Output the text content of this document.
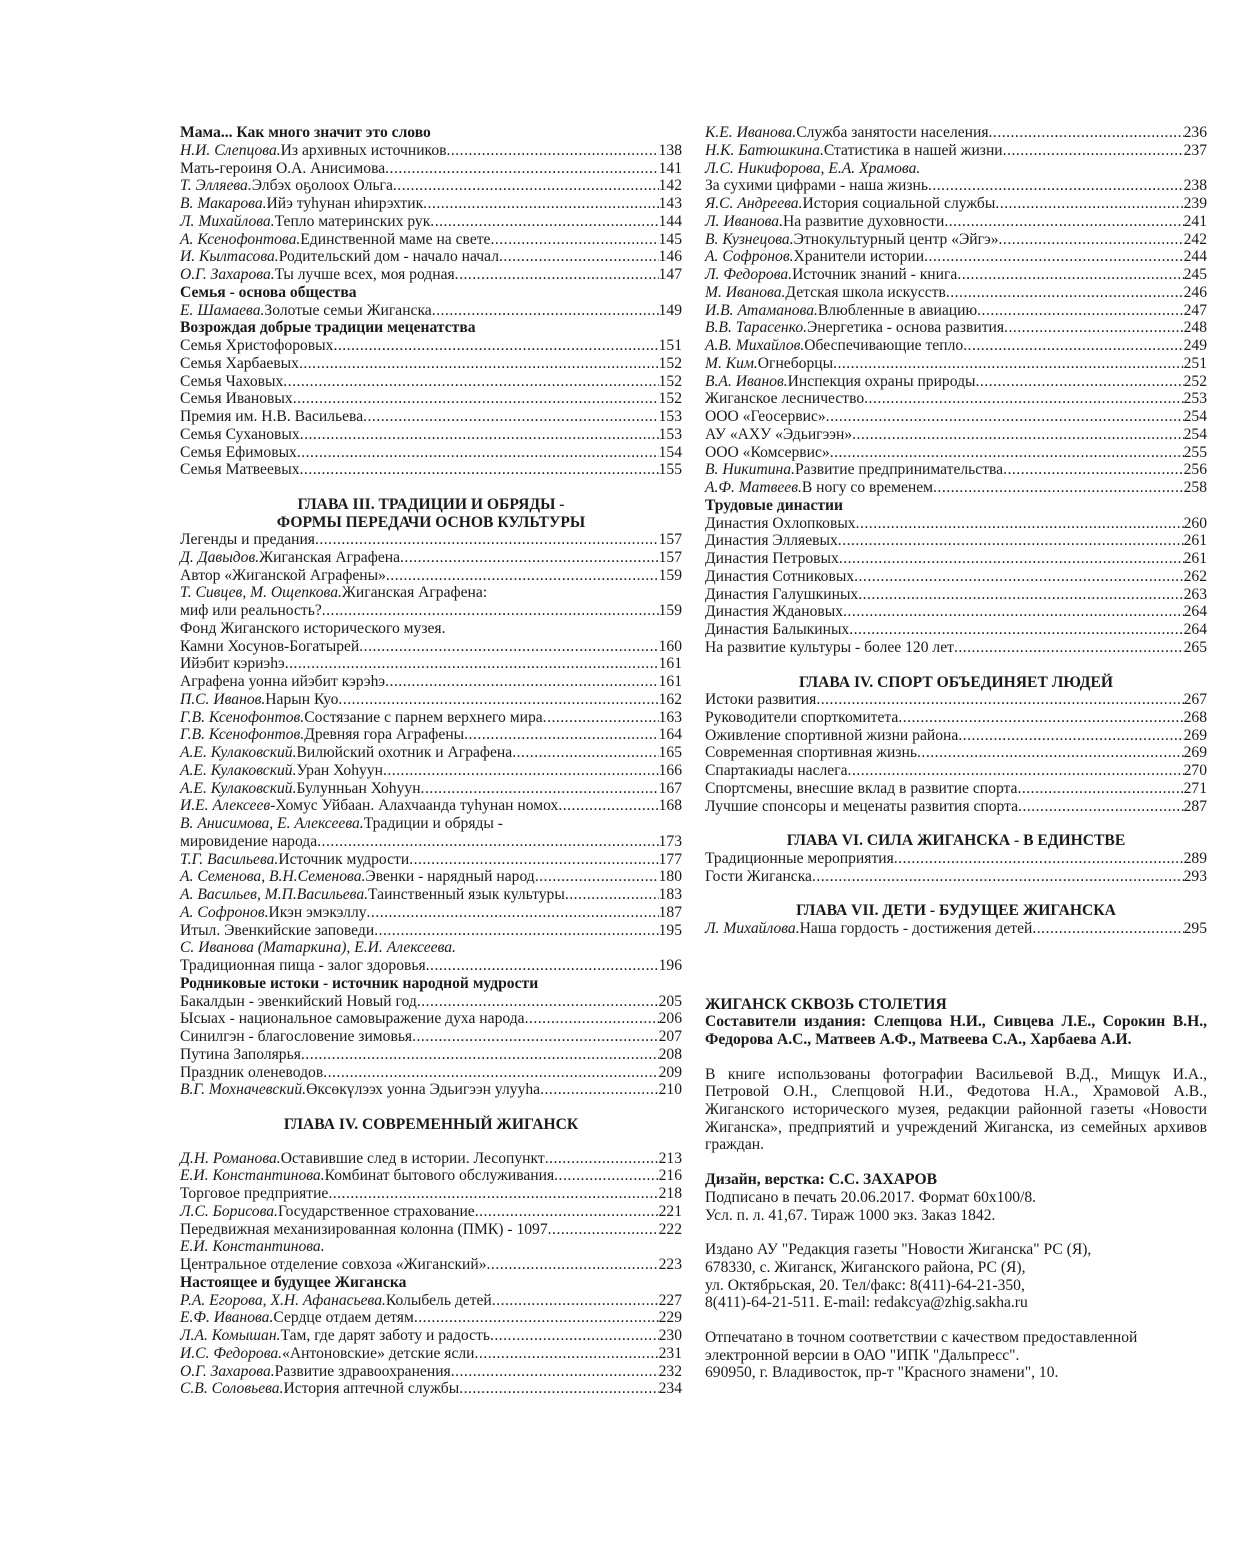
Мама... Как много значит это слово
Н.И. Слепцова. Из архивных источников .....	138
Мать-героиня О.А. Анисимова .....	141
Т. Элляева. Элбэх оҕолоох Ольга .....	142
В. Макарова. Ийэ туһунан иһирэхтик .....	143
Л. Михайлова. Тепло материнских рук .....	144
А. Ксенофонтова. Единственной маме на свете .....	145
И. Кылтасова. Родительский дом - начало начал .....	146
О.Г. Захарова. Ты лучше всех, моя родная .....	147
Семья - основа общества
Е. Шамаева. Золотые семьи Жиганска .....	149
Возрождая добрые традиции меценатства
Семья Христофоровых .....	151
Семья Харбаевых .....	152
Семья Чаховых .....	152
Семья Ивановых .....	152
Премия им. Н.В. Васильева .....	153
Семья Сухановых .....	153
Семья Ефимовых .....	154
Семья Матвеевых .....	155
ГЛАВА III. ТРАДИЦИИ И ОБРЯДЫ -
ФОРМЫ ПЕРЕДАЧИ ОСНОВ КУЛЬТУРЫ
Легенды и предания .....	157
Д. Давыдов. Жиганская Аграфена .....	157
Автор «Жиганской Аграфены» .....	159
Т. Сивцев, М. Ощепкова. Жиганская Аграфена:
миф или реальность? .....	159
Фонд Жиганского исторического музея.
Камни Хосунов-Богатырей .....	160
Ийэбит кэриэһэ .....	161
Аграфена уонна ийэбит кэрэһэ .....	161
П.С. Иванов. Нарын Куо .....	162
Г.В. Ксенофонтов. Состязание с парнем верхнего мира .....	163
Г.В. Ксенофонтов. Древняя гора Аграфены .....	164
А.Е. Кулаковский. Вилюйский охотник и Аграфена .....	165
А.Е. Кулаковский. Уран Хоһуун .....	166
А.Е. Кулаковский. Булунньан Хоһуун .....	167
И.Е. Алексеев -Хомус Уйбаан. Алахчаанда туһунан номох .....	168
В. Анисимова, Е. Алексеева. Традиции и обряды -
мировидение народа .....	173
Т.Г. Васильева. Источник мудрости .....	177
А. Семенова, В.Н.Семенова. Эвенки - нарядный народ .....	180
А. Васильев, М.П.Васильева. Таинственный язык культуры .....	183
А. Софронов. Икэн эмэкэллу .....	187
Итыл. Эвенкийские заповеди .....	195
С. Иванова (Матаркина), Е.И. Алексеева.
Традиционная пища - залог здоровья .....	196
Родниковые истоки - источник народной мудрости
Бакалдын - эвенкийский Новый год .....	205
Ысыах - национальное самовыражение духа народа .....	206
Синилгэн - благословение зимовья .....	207
Путина Заполярья .....	208
Праздник оленеводов .....	209
В.Г. Мохначевский. Өксөкүлээх уонна Эдьигээн улууһа .....	210
ГЛАВА IV. СОВРЕМЕННЫЙ ЖИГАНСК
Д.Н. Романова. Оставившие след в истории. Лесопункт .....	213
Е.И. Константинова. Комбинат бытового обслуживания .....	216
Торговое предприятие .....	218
Л.С. Борисова. Государственное страхование .....	221
Передвижная механизированная колонна (ПМК) - 1097 .....	222
Е.И. Константинова.
Центральное отделение совхоза «Жиганский» .....	223
Настоящее и будущее Жиганска
Р.А. Егорова, Х.Н. Афанасьева. Колыбель детей .....	227
Е.Ф. Иванова. Сердце отдаем детям .....	229
Л.А. Комышан. Там, где дарят заботу и радость .....	230
И.С. Федорова. «Антоновские» детские ясли .....	231
О.Г. Захарова. Развитие здравоохранения .....	232
С.В. Соловьева. История аптечной службы .....	234
К.Е. Иванова. Служба занятости населения .....	236
Н.К. Батюшкина. Статистика в нашей жизни .....	237
Л.С. Никифорова, Е.А. Храмова.
За сухими цифрами - наша жизнь .....	238
Я.С. Андреева. История социальной службы .....	239
Л. Иванова. На развитие духовности .....	241
В. Кузнецова. Этнокультурный центр «Эйгэ» .....	242
А. Софронов. Хранители истории .....	244
Л. Федорова. Источник знаний - книга .....	245
М. Иванова. Детская школа искусств .....	246
И.В. Атаманова. Влюбленные в авиацию .....	247
В.В. Тарасенко. Энергетика - основа развития .....	248
А.В. Михайлов. Обеспечивающие тепло .....	249
М. Ким. Огнеборцы .....	251
В.А. Иванов. Инспекция охраны природы .....	252
Жиганское лесничество .....	253
ООО «Геосервис» .....	254
АУ «АХУ «Эдьигээн» .....	254
ООО «Комсервис» .....	255
В. Никитина. Развитие предпринимательства .....	256
А.Ф. Матвеев. В ногу со временем .....	258
Трудовые династии
Династия Охлопковых .....	260
Династия Элляевых .....	261
Династия Петровых .....	261
Династия Сотниковых .....	262
Династия Галушкиных .....	263
Династия Ждановых .....	264
Династия Балыкиных .....	264
На развитие культуры - более 120 лет .....	265
ГЛАВА IV. СПОРТ ОБЪЕДИНЯЕТ ЛЮДЕЙ
Истоки развития .....	267
Руководители спорткомитета .....	268
Оживление спортивной жизни района .....	269
Современная спортивная жизнь .....	269
Спартакиады наслега .....	270
Спортсмены, внесшие вклад в развитие спорта .....	271
Лучшие спонсоры и меценаты развития спорта .....	287
ГЛАВА VI. СИЛА ЖИГАНСКА - В ЕДИНСТВЕ
Традиционные мероприятия .....	289
Гости Жиганска .....	293
ГЛАВА VII. ДЕТИ - БУДУЩЕЕ ЖИГАНСКА
Л. Михайлова. Наша гордость - достижения детей .....	295

ЖИГАНСК СКВОЗЬ СТОЛЕТИЯ
Составители издания: Слепцова Н.И., Сивцева Л.Е., Сорокин В.Н., Федорова А.С., Матвеев А.Ф., Матвеева С.А., Харбаева А.И.

В книге использованы фотографии Васильевой В.Д., Мищук И.А., Петровой О.Н., Слепцовой Н.И., Федотова Н.А., Храмовой А.В., Жиганского исторического музея, редакции районной газеты «Новости Жиганска», предприятий и учреждений Жиганска, из семейных архивов граждан.

Дизайн, верстка: С.С. ЗАХАРОВ
Подписано в печать 20.06.2017. Формат 60х100/8.
Усл. п. л. 41,67. Тираж 1000 экз. Заказ 1842.

Издано АУ "Редакция газеты "Новости Жиганска" РС (Я),
678330, с. Жиганск, Жиганского района, РС (Я),
ул. Октябрьская, 20. Тел/факс: 8(411)-64-21-350,
8(411)-64-21-511. E-mail: redakcya@zhig.sakha.ru

Отпечатано в точном соответствии с качеством предоставленной
электронной версии в ОАО "ИПК "Дальпресс".
690950, г. Владивосток, пр-т "Красного знамени", 10.
